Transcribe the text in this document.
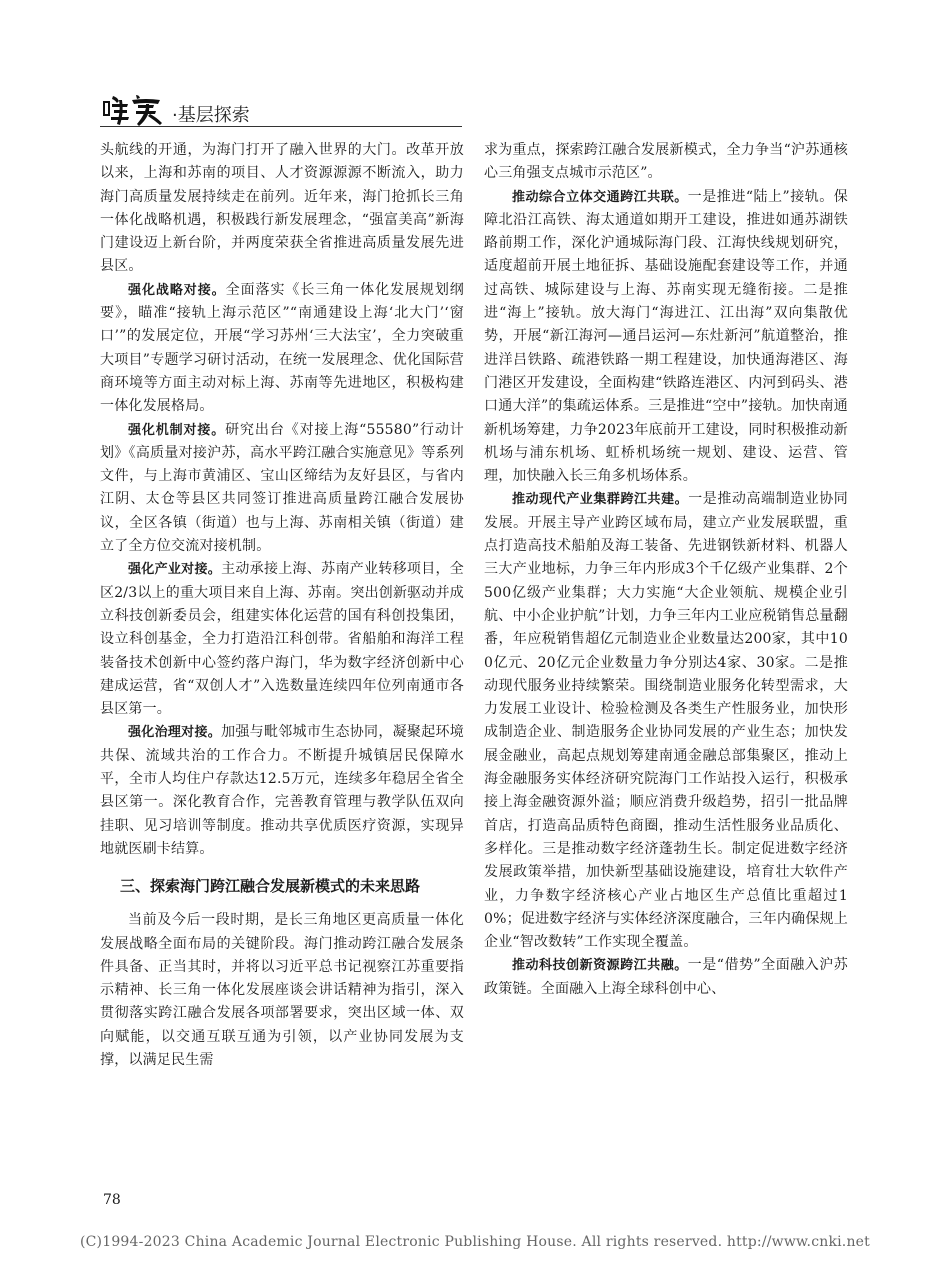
·基层探索

头航线的开通，为海门打开了融入世界的大门。改革开放以来，上海和苏南的项目、人才资源源源不断流入，助力海门高质量发展持续走在前列。近年来，海门抢抓长三角一体化战略机遇，积极践行新发展理念，“强富美高”新海门建设迈上新台阶，并两度荣获全省推进高质量发展先进县区。

强化战略对接。全面落实《长三角一体化发展规划纲要》，瞄准“接轨上海示范区”“南通建设上海‘北大门’‘窗口’”的发展定位，开展“学习苏州‘三大法宝’，全力突破重大项目”专题学习研讨活动，在统一发展理念、优化国际营商环境等方面主动对标上海、苏南等先进地区，积极构建一体化发展格局。

强化机制对接。研究出台《对接上海“55580”行动计划》《高质量对接沪苏，高水平跨江融合实施意见》等系列文件，与上海市黄浦区、宝山区缔结为友好县区，与省内江阴、太仓等县区共同签订推进高质量跨江融合发展协议，全区各镇（街道）也与上海、苏南相关镇（街道）建立了全方位交流对接机制。

强化产业对接。主动承接上海、苏南产业转移项目，全区2/3以上的重大项目来自上海、苏南。突出创新驱动并成立科技创新委员会，组建实体化运营的国有科创投集团，设立科创基金，全力打造沿江科创带。省船舶和海洋工程装备技术创新中心签约落户海门，华为数字经济创新中心建成运营，省“双创人才”入选数量连续四年位列南通市各县区第一。

强化治理对接。加强与毗邻城市生态协同，凝聚起环境共保、流域共治的工作合力。不断提升城镇居民保障水平，全市人均住户存款达12.5万元，连续多年稳居全省全县区第一。深化教育合作，完善教育管理与教学队伍双向挂职、见习培训等制度。推动共享优质医疗资源，实现异地就医刷卡结算。

三、探索海门跨江融合发展新模式的未来思路

当前及今后一段时期，是长三角地区更高质量一体化发展战略全面布局的关键阶段。海门推动跨江融合发展条件具备、正当其时，并将以习近平总书记视察江苏重要指示精神、长三角一体化发展座谈会讲话精神为指引，深入贯彻落实跨江融合发展各项部署要求，突出区域一体、双向赋能，以交通互联互通为引领，以产业协同发展为支撑，以满足民生需

求为重点，探索跨江融合发展新模式，全力争当“沪苏通核心三角强支点城市示范区”。

推动综合立体交通跨江共联。一是推进“陆上”接轨。保障北沿江高铁、海太通道如期开工建设，推进如通苏湖铁路前期工作，深化沪通城际海门段、江海快线规划研究，适度超前开展土地征拆、基础设施配套建设等工作，并通过高铁、城际建设与上海、苏南实现无缝衔接。二是推进“海上”接轨。放大海门“海进江、江出海”双向集散优势，开展“新江海河—通吕运河—东灶新河”航道整治，推进洋吕铁路、疏港铁路一期工程建设，加快通海港区、海门港区开发建设，全面构建“铁路连港区、内河到码头、港口通大洋”的集疏运体系。三是推进“空中”接轨。加快南通新机场筹建，力争2023年底前开工建设，同时积极推动新机场与浦东机场、虹桥机场统一规划、建设、运营、管理，加快融入长三角多机场体系。

推动现代产业集群跨江共建。一是推动高端制造业协同发展。开展主导产业跨区域布局，建立产业发展联盟，重点打造高技术船舶及海工装备、先进钢铁新材料、机器人三大产业地标，力争三年内形成3个千亿级产业集群、2个500亿级产业集群；大力实施“大企业领航、规模企业引航、中小企业护航”计划，力争三年内工业应税销售总量翻番，年应税销售超亿元制造业企业数量达200家，其中100亿元、20亿元企业数量力争分别达4家、30家。二是推动现代服务业持续繁荣。围绕制造业服务化转型需求，大力发展工业设计、检验检测及各类生产性服务业，加快形成制造企业、制造服务企业协同发展的产业生态；加快发展金融业，高起点规划筹建南通金融总部集聚区，推动上海金融服务实体经济研究院海门工作站投入运行，积极承接上海金融资源外溢；顺应消费升级趋势，招引一批品牌首店，打造高品质特色商圈，推动生活性服务业品质化、多样化。三是推动数字经济蓬勃生长。制定促进数字经济发展政策举措，加快新型基础设施建设，培育壮大软件产业，力争数字经济核心产业占地区生产总值比重超过10%；促进数字经济与实体经济深度融合，三年内确保规上企业“智改数转”工作实现全覆盖。

推动科技创新资源跨江共融。一是“借势”全面融入沪苏政策链。全面融入上海全球科创中心、

78
(C)1994-2023 China Academic Journal Electronic Publishing House. All rights reserved. http://www.cnki.net
